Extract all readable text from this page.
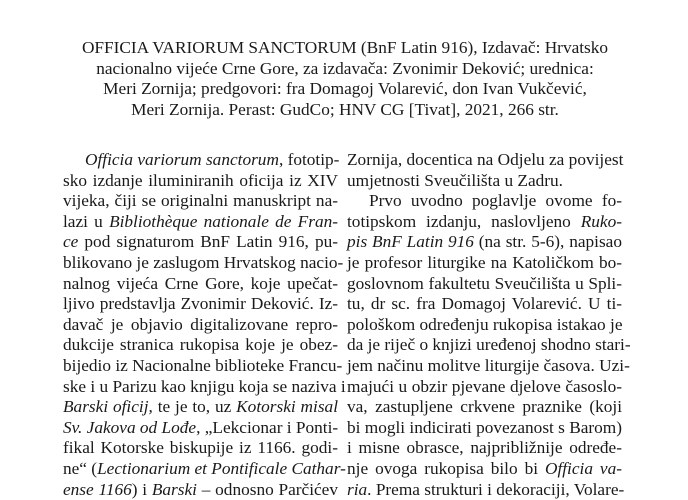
OFFICIA VARIORUM SANCTORUM (BnF Latin 916), Izdavač: Hrvatsko
nacionalno vijeće Crne Gore, za izdavača: Zvonimir Deković; urednica:
Meri Zornija; predgovori: fra Domagoj Volarević, don Ivan Vukčević,
Meri Zornija. Perast: GudCo; HNV CG [Tivat], 2021, 266 str.
Officia variorum sanctorum, fototip-
sko izdanje iluminiranih oficija iz XIV
vijeka, čiji se originalni manuskript na-
lazi u Bibliothèque nationale de Fran-
ce pod signaturom BnF Latin 916, pu-
blikovano je zaslugom Hrvatskog nacio-
nalnog vijeća Crne Gore, koje upečat-
ljivo predstavlja Zvonimir Deković. Iz-
davač je objavio digitalizovane repro-
dukcije stranica rukopisa koje je obez-
bijedio iz Nacionalne biblioteke Francu-
ske i u Parizu kao knjigu koja se naziva i
Barski oficij, te je to, uz Kotorski misal
Sv. Jakova od Lođe, „Lekcionar i Ponti-
fikal Kotorske biskupije iz 1166. godi-
ne“ (Lectionarium et Pontificale Cathar-
ense 1166) i Barski – odnosno Parčićev
Zornija, docentica na Odjelu za povijest
umjetnosti Sveučilišta u Zadru.
Prvo uvodno poglavlje ovome fo-
totipskom izdanju, naslovljeno Ruko-
pis BnF Latin 916 (na str. 5-6), napisao
je profesor liturgike na Katoličkom bo-
goslovnom fakultetu Sveučilišta u Spli-
tu, dr sc. fra Domagoj Volarević. U ti-
pološkom određenju rukopisa istakao je
da je riječ o knjizi uređenoj shodno stari-
jem načinu molitve liturgije časova. Uzi-
majući u obzir pjevane djelove časoslo-
va, zastupljene crkvene praznike (koji
bi mogli indicirati povezanost s Barom)
i misne obrasce, najpribližnije određe-
nje ovoga rukopisa bilo bi Officia va-
ria. Prema strukturi i dekoraciji, Volare-
